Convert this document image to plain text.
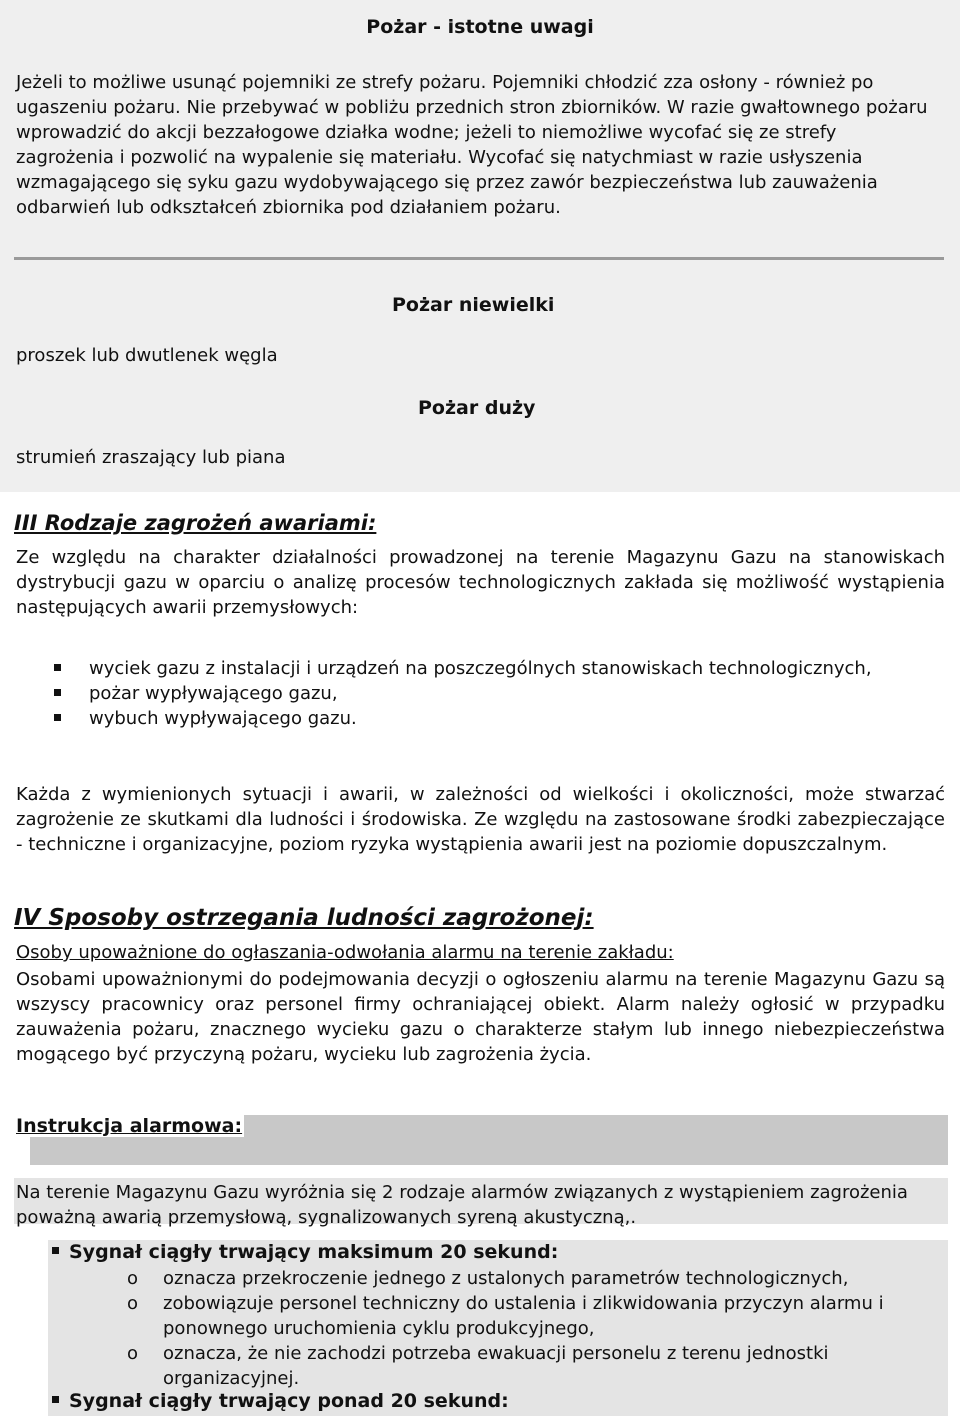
Pożar - istotne uwagi

Jeżeli to możliwe usunąć pojemniki ze strefy pożaru. Pojemniki chłodzić zza osłony - również po ugaszeniu pożaru. Nie przebywać w pobliżu przednich stron zbiorników. W razie gwałtownego pożaru wprowadzić do akcji bezzałogowe działka wodne; jeżeli to niemożliwe wycofać się ze strefy zagrożenia i pozwolić na wypalenie się materiału. Wycofać się natychmiast w razie usłyszenia wzmagającego się syku gazu wydobywającego się przez zawór bezpieczeństwa lub zauważenia odbarwień lub odkształceń zbiornika pod działaniem pożaru.

Pożar niewielki
proszek lub dwutlenek węgla
Pożar duży
strumień zraszający lub piana
III Rodzaje zagrożeń awariami:

Ze względu na charakter działalności prowadzonej na terenie Magazynu Gazu na stanowiskach dystrybucji gazu w oparciu o analizę procesów technologicznych zakłada się możliwość wystąpienia następujących awarii przemysłowych:

wyciek gazu z instalacji i urządzeń na poszczególnych stanowiskach technologicznych,
pożar wypływającego gazu,
wybuch wypływającego gazu.

Każda z wymienionych sytuacji i awarii, w zależności od wielkości i okoliczności, może stwarzać zagrożenie ze skutkami dla ludności i środowiska. Ze względu na zastosowane środki zabezpieczające - techniczne i organizacyjne, poziom ryzyka wystąpienia awarii jest na poziomie dopuszczalnym.

IV Sposoby ostrzegania ludności zagrożonej:

Osoby upoważnione do ogłaszania-odwołania alarmu na terenie zakładu:

Osobami upoważnionymi do podejmowania decyzji o ogłoszeniu alarmu na terenie Magazynu Gazu są wszyscy pracownicy oraz personel firmy ochraniającej obiekt. Alarm należy ogłosić w przypadku zauważenia pożaru, znacznego wycieku gazu o charakterze stałym lub innego niebezpieczeństwa mogącego być przyczyną pożaru, wycieku lub zagrożenia życia.

Instrukcja alarmowa:
Na terenie Magazynu Gazu wyróżnia się 2 rodzaje alarmów związanych z wystąpieniem zagrożenia poważną awarią przemysłową, sygnalizowanych syreną akustyczną,.
Sygnał ciągły trwający maksimum 20 sekund:
o oznacza przekroczenie jednego z ustalonych parametrów technologicznych,
o zobowiązuje personel techniczny do ustalenia i zlikwidowania przyczyn alarmu i ponownego uruchomienia cyklu produkcyjnego,
o oznacza, że nie zachodzi potrzeba ewakuacji personelu z terenu jednostki organizacyjnej.
Sygnał ciągły trwający ponad 20 sekund:
